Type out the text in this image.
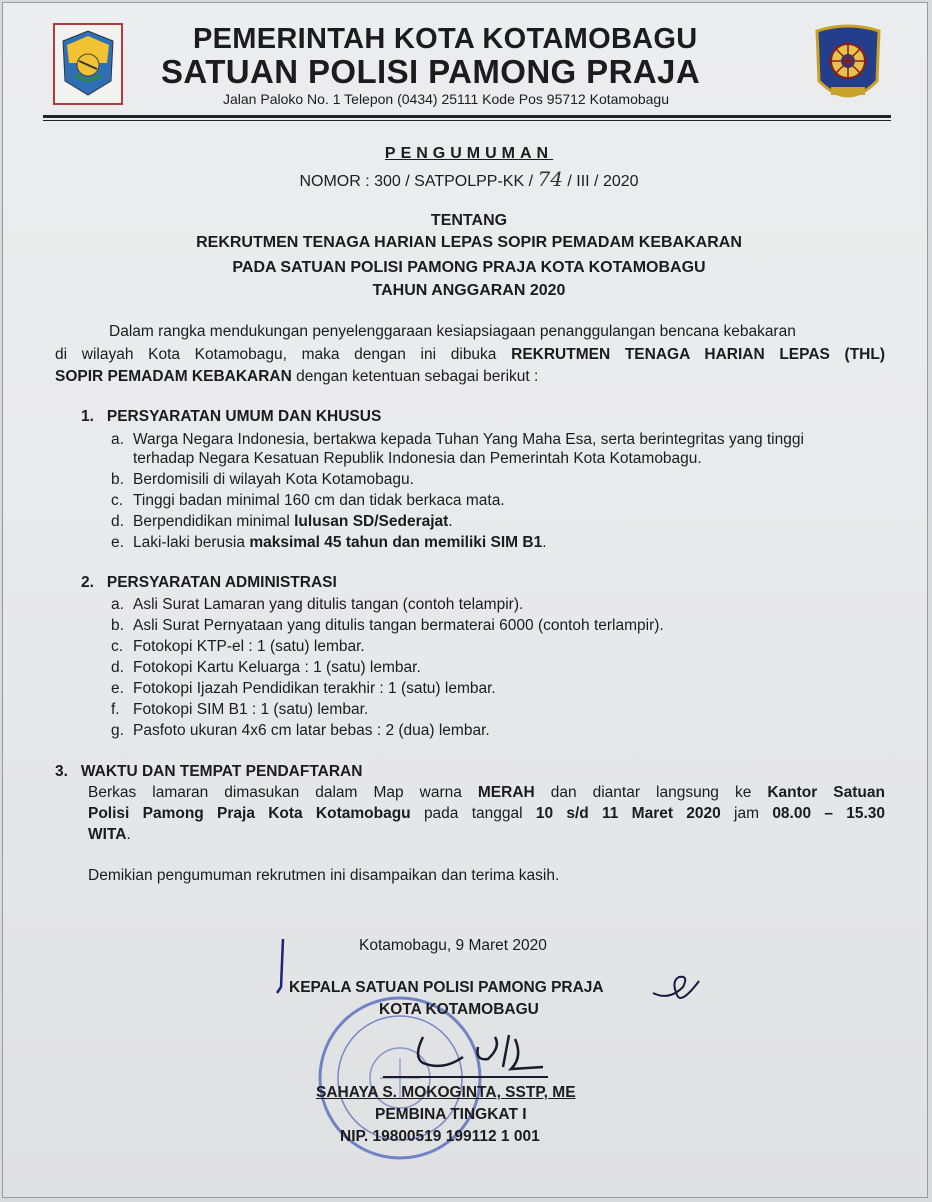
PEMERINTAH KOTA KOTAMOBAGU
SATUAN POLISI PAMONG PRAJA
Jalan Paloko No. 1 Telepon (0434) 25111 Kode Pos 95712 Kotamobagu
PENGUMUMAN
NOMOR : 300 / SATPOLPP-KK / 74 / III / 2020
TENTANG
REKRUTMEN TENAGA HARIAN LEPAS SOPIR PEMADAM KEBAKARAN
PADA SATUAN POLISI PAMONG PRAJA KOTA KOTAMOBAGU
TAHUN ANGGARAN 2020
Dalam rangka mendukungan penyelenggaraan kesiapsiagaan penanggulangan bencana kebakaran
di wilayah Kota Kotamobagu, maka dengan ini dibuka REKRUTMEN TENAGA HARIAN LEPAS (THL)
SOPIR PEMADAM KEBAKARAN dengan ketentuan sebagai berikut :
1. PERSYARATAN UMUM DAN KHUSUS
a. Warga Negara Indonesia, bertakwa kepada Tuhan Yang Maha Esa, serta berintegritas yang tinggi
terhadap Negara Kesatuan Republik Indonesia dan Pemerintah Kota Kotamobagu.
b. Berdomisili di wilayah Kota Kotamobagu.
c. Tinggi badan minimal 160 cm dan tidak berkaca mata.
d. Berpendidikan minimal lulusan SD/Sederajat.
e. Laki-laki berusia maksimal 45 tahun dan memiliki SIM B1.
2. PERSYARATAN ADMINISTRASI
a. Asli Surat Lamaran yang ditulis tangan (contoh telampir).
b. Asli Surat Pernyataan yang ditulis tangan bermaterai 6000 (contoh terlampir).
c. Fotokopi KTP-el : 1 (satu) lembar.
d. Fotokopi Kartu Keluarga : 1 (satu) lembar.
e. Fotokopi Ijazah Pendidikan terakhir : 1 (satu) lembar.
f. Fotokopi SIM B1 : 1 (satu) lembar.
g. Pasfoto ukuran 4x6 cm latar bebas : 2 (dua) lembar.
3. WAKTU DAN TEMPAT PENDAFTARAN
Berkas lamaran dimasukan dalam Map warna MERAH dan diantar langsung ke Kantor Satuan
Polisi Pamong Praja Kota Kotamobagu pada tanggal 10 s/d 11 Maret 2020 jam 08.00 – 15.30
WITA.
Demikian pengumuman rekrutmen ini disampaikan dan terima kasih.
Kotamobagu, 9 Maret 2020
KEPALA SATUAN POLISI PAMONG PRAJA
KOTA KOTAMOBAGU
SAHAYA S. MOKOGINTA, SSTP, ME
PEMBINA TINGKAT I
NIP. 19800519 199112 1 001
